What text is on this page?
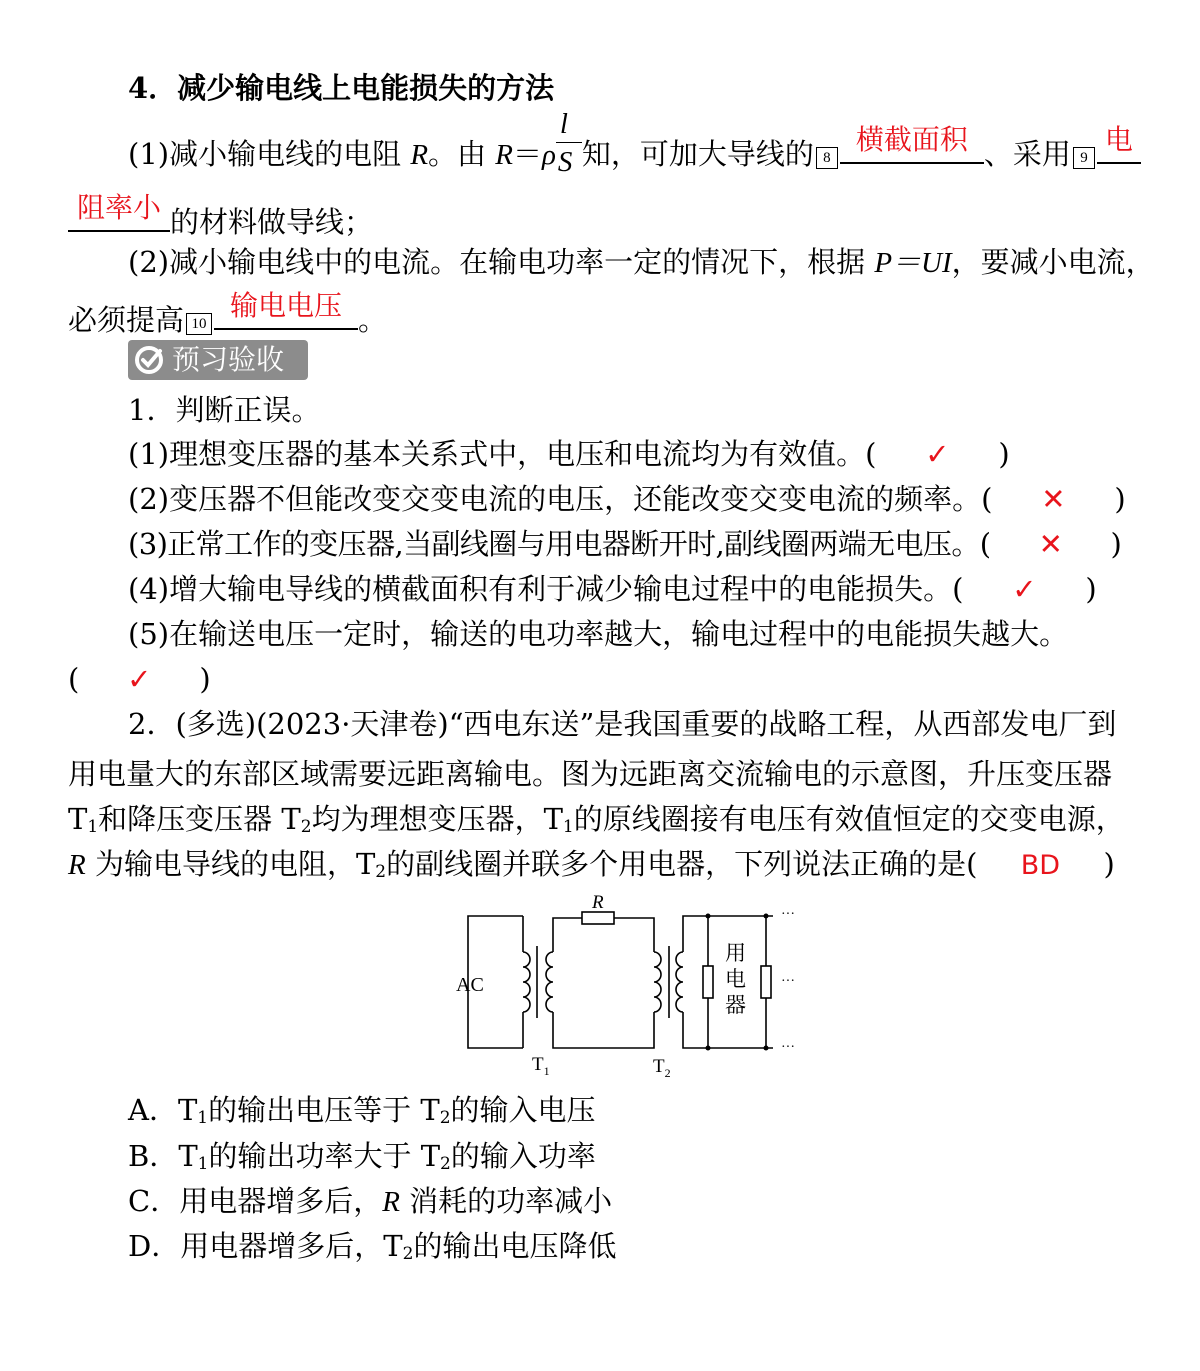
4．减少输电线上电能损失的方法
(1)减小输电线的电阻 R。由 $R=\rho \frac{l}{S}$ 知，可加大导线的 8
横截面积 、采用 9
电
阻率小 的材料做导线；
(2)减小输电线中的电流。在输电功率一定的情况下，根据 P＝UI，要减小电流，
必须提高 10
输电电压 。
预习验收
1．判断正误。
(1)理想变压器的基本关系式中，电压和电流均为有效值。( ✓ )
(2)变压器不但能改变交变电流的电压，还能改变交变电流的频率。( ✕ )
(3)正常工作的变压器,当副线圈与用电器断开时,副线圈两端无电压。( ✕ )
(4)增大输电导线的横截面积有利于减少输电过程中的电能损失。( ✓ )
(5)在输送电压一定时，输送的电功率越大，输电过程中的电能损失越大。
( ✓ )
2．(多选)(2023·天津卷)“西电东送”是我国重要的战略工程，从西部发电厂到
用电量大的东部区域需要远距离输电。图为远距离交流输电的示意图，升压变压器
$T_1$和降压变压器 $T_2$均为理想变压器，$T_1$的原线圈接有电压有效值恒定的交变电源，
R 为输电导线的电阻，$T_2$的副线圈并联多个用电器，下列说法正确的是( BD )
AC
R
$T_1$	$T_2$
用
电
器
···
···
···
A．$T_1$的输出电压等于 $T_2$的输入电压
B．$T_1$的输出功率大于 $T_2$的输入功率
C．用电器增多后，R 消耗的功率减小
D．用电器增多后，$T_2$的输出电压降低
